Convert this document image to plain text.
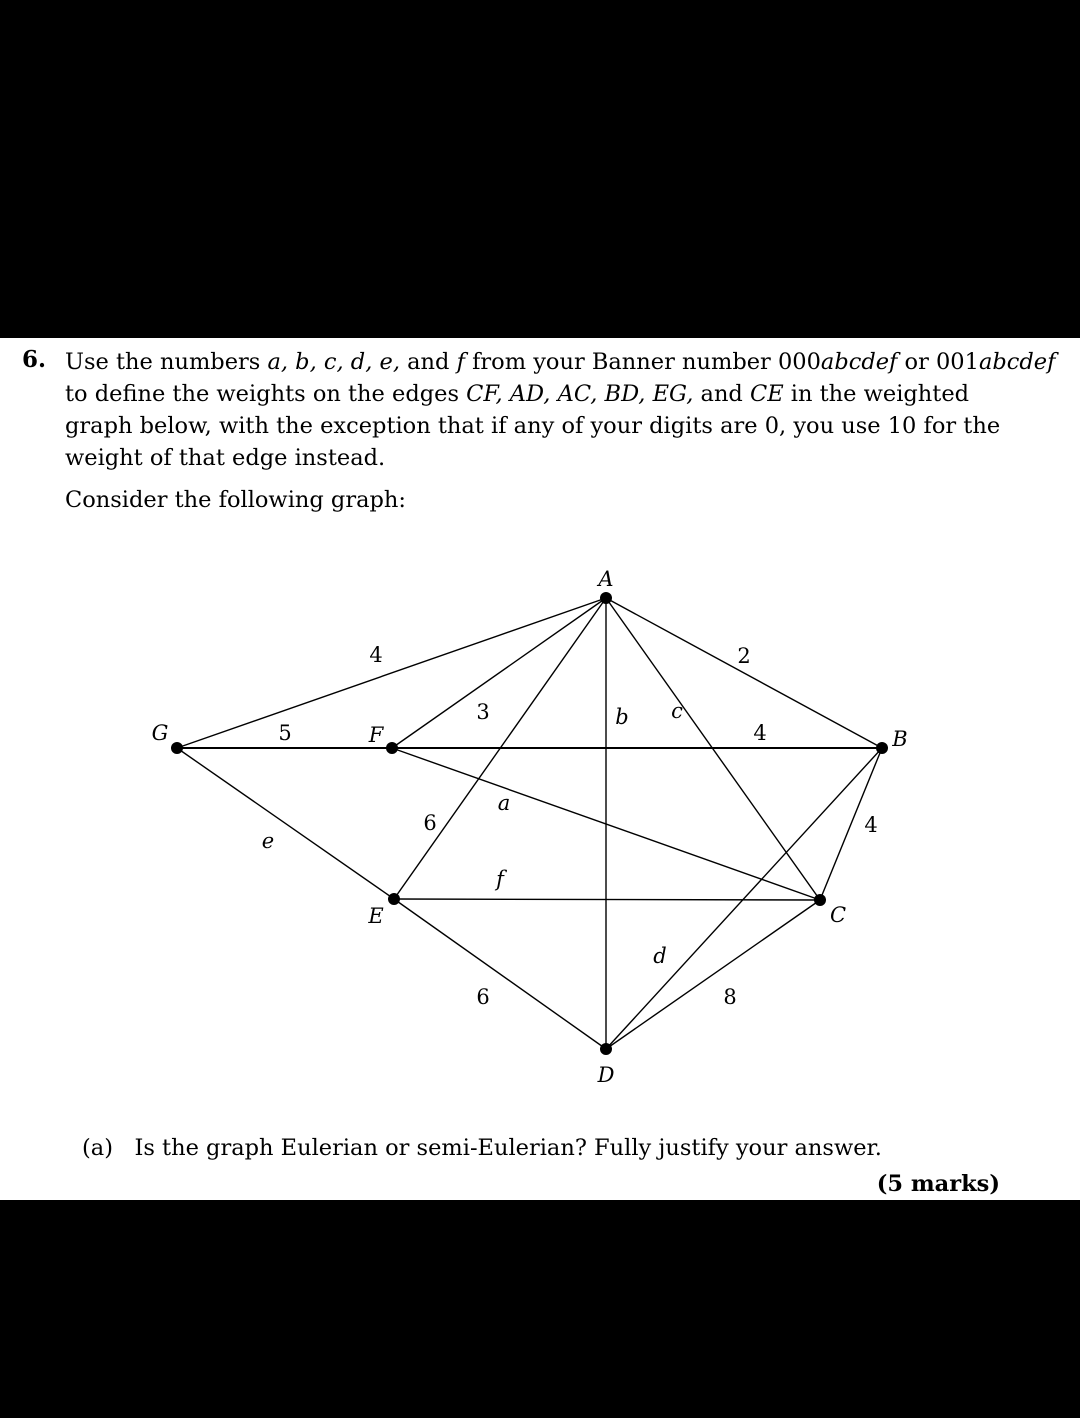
6. Use the numbers a, b, c, d, e, and f from your Banner number 000abcdef or 001abcdef
to define the weights on the edges CF, AD, AC, BD, EG, and CE in the weighted
graph below, with the exception that if any of your digits are 0, you use 10 for the
weight of that edge instead.

Consider the following graph:

4
5
e
3
4
a
2
c
b
6
f
6
4
d
8
A
B
C
D
E
F
G

(a) Is the graph Eulerian or semi-Eulerian? Fully justify your answer.

(5 marks)
